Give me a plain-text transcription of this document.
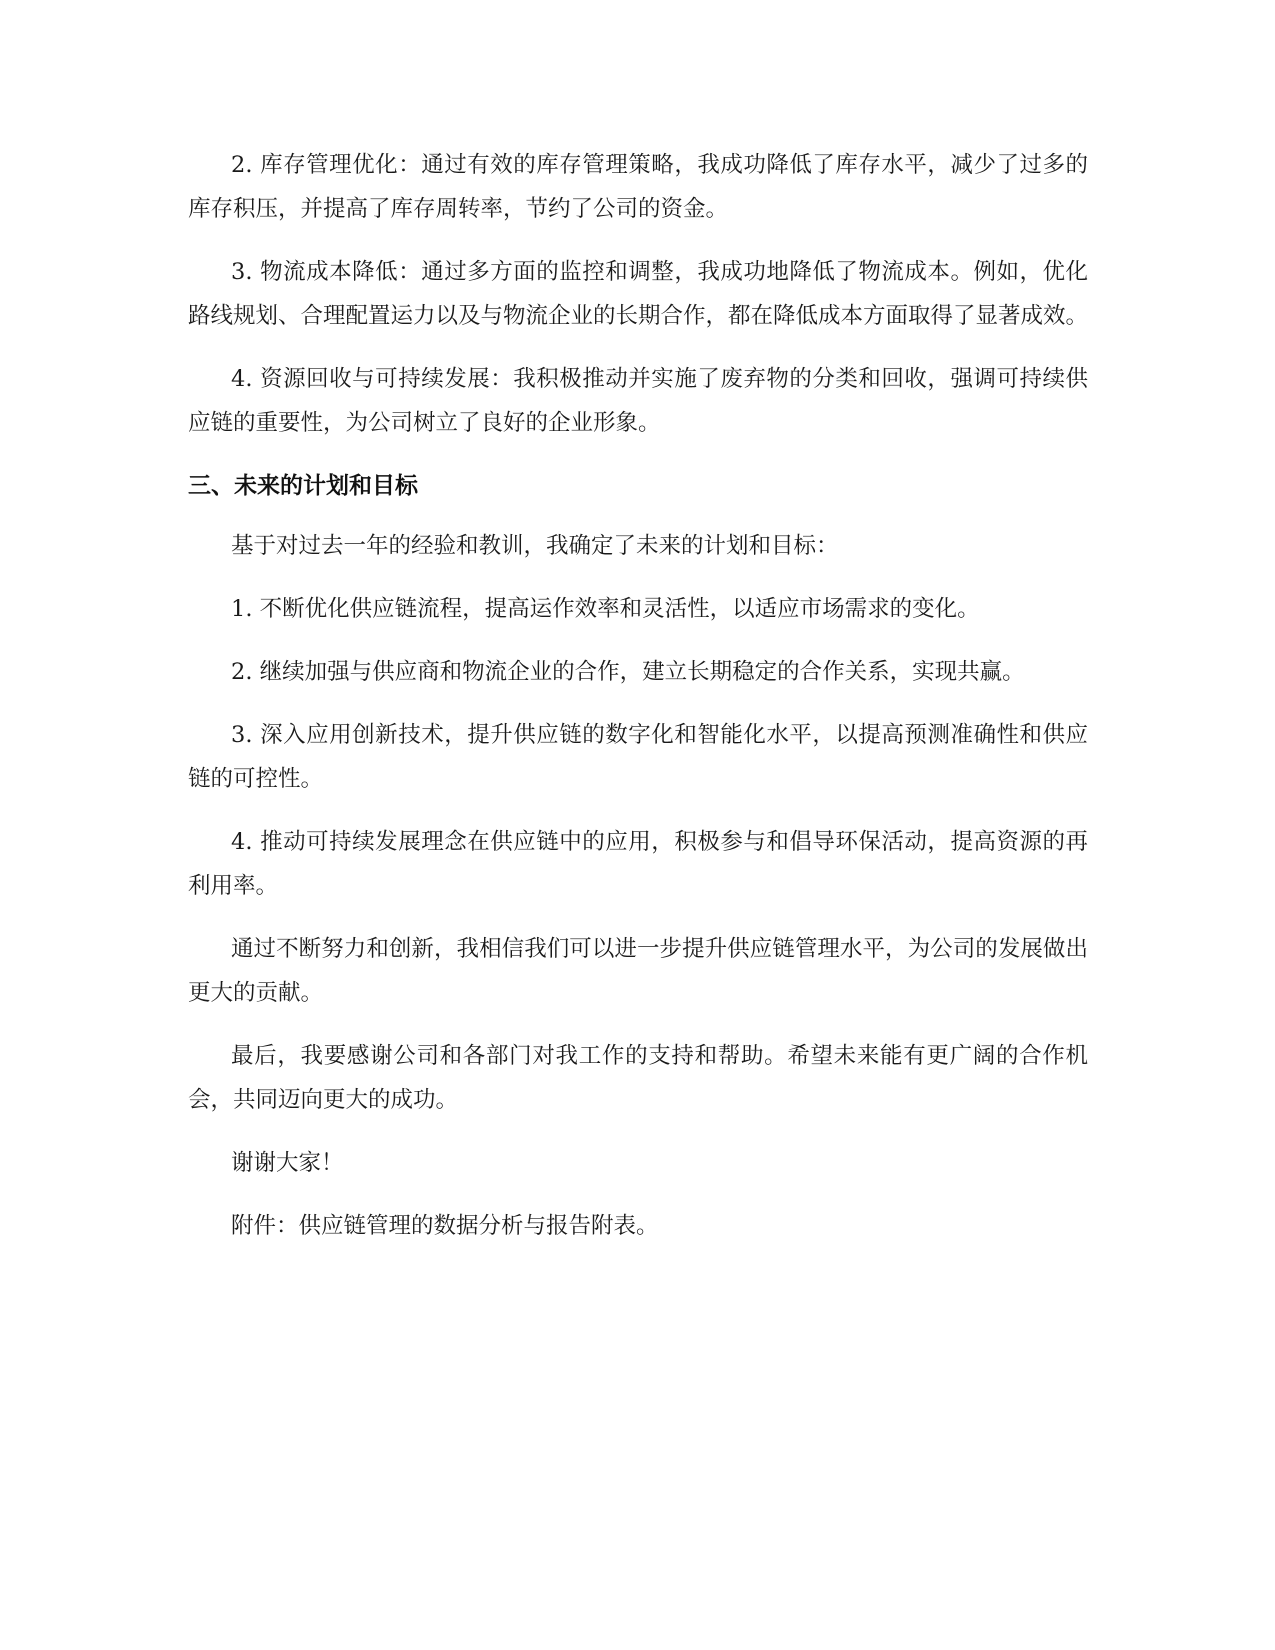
2. 库存管理优化：通过有效的库存管理策略，我成功降低了库存水平，减少了过多的库存积压，并提高了库存周转率，节约了公司的资金。

3. 物流成本降低：通过多方面的监控和调整，我成功地降低了物流成本。例如，优化路线规划、合理配置运力以及与物流企业的长期合作，都在降低成本方面取得了显著成效。

4. 资源回收与可持续发展：我积极推动并实施了废弃物的分类和回收，强调可持续供应链的重要性，为公司树立了良好的企业形象。

三、未来的计划和目标

基于对过去一年的经验和教训，我确定了未来的计划和目标：

1. 不断优化供应链流程，提高运作效率和灵活性，以适应市场需求的变化。

2. 继续加强与供应商和物流企业的合作，建立长期稳定的合作关系，实现共赢。

3. 深入应用创新技术，提升供应链的数字化和智能化水平，以提高预测准确性和供应链的可控性。

4. 推动可持续发展理念在供应链中的应用，积极参与和倡导环保活动，提高资源的再利用率。

通过不断努力和创新，我相信我们可以进一步提升供应链管理水平，为公司的发展做出更大的贡献。

最后，我要感谢公司和各部门对我工作的支持和帮助。希望未来能有更广阔的合作机会，共同迈向更大的成功。

谢谢大家！

附件：供应链管理的数据分析与报告附表。
